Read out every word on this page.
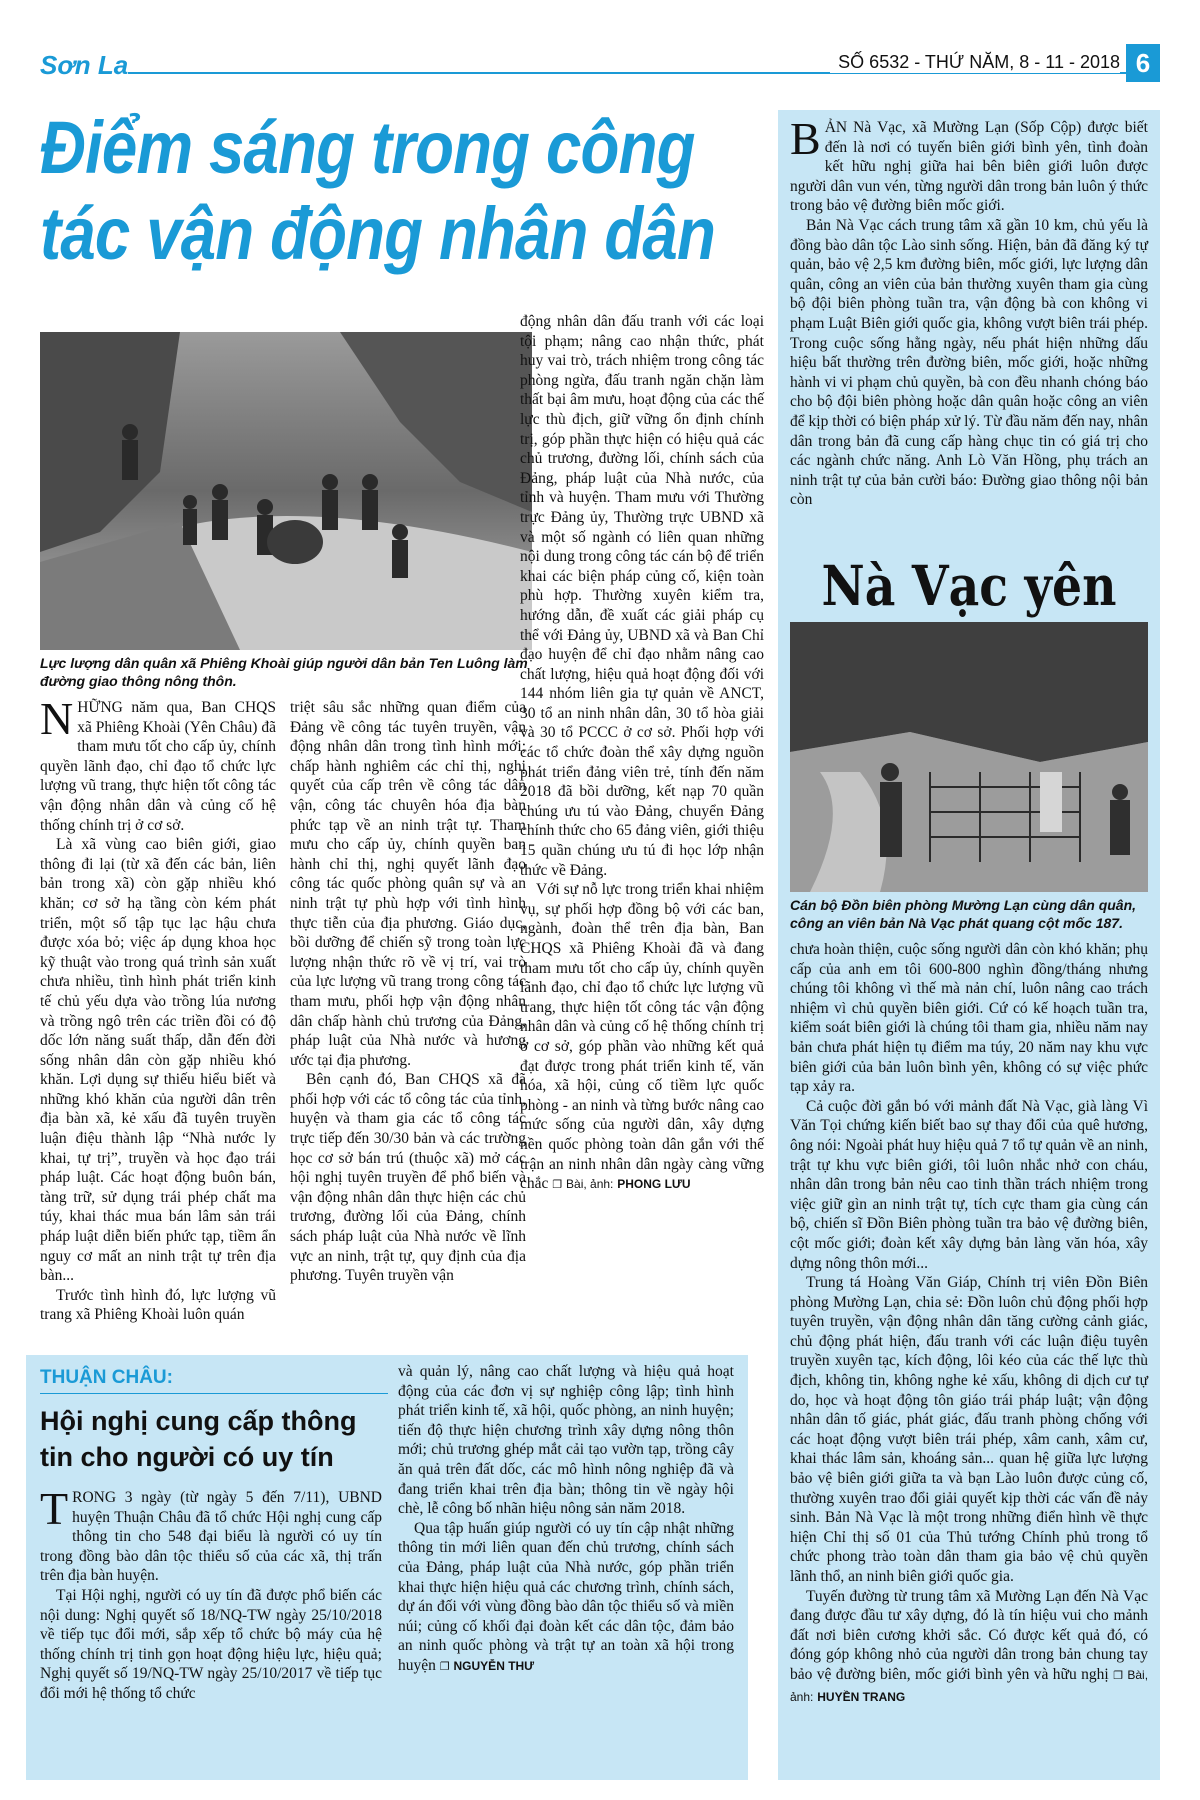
Sơn La	SỐ 6532 - THỨ NĂM, 8 - 11 - 2018 6
Điểm sáng trong công tác vận động nhân dân
Lực lượng dân quân xã Phiêng Khoài giúp người dân bản Ten Luông làm đường giao thông nông thôn.

NHỮNG năm qua, Ban CHQS xã Phiêng Khoài (Yên Châu) đã tham mưu tốt cho cấp ủy, chính quyền lãnh đạo, chỉ đạo tổ chức lực lượng vũ trang, thực hiện tốt công tác vận động nhân dân và củng cố hệ thống chính trị ở cơ sở.

Là xã vùng cao biên giới, giao thông đi lại (từ xã đến các bản, liên bản trong xã) còn gặp nhiều khó khăn; cơ sở hạ tầng còn kém phát triển, một số tập tục lạc hậu chưa được xóa bỏ; việc áp dụng khoa học kỹ thuật vào trong quá trình sản xuất chưa nhiều, tình hình phát triển kinh tế chủ yếu dựa vào trồng lúa nương và trồng ngô trên các triền đồi có độ dốc lớn năng suất thấp, dẫn đến đời sống nhân dân còn gặp nhiều khó khăn. Lợi dụng sự thiếu hiểu biết và những khó khăn của người dân trên địa bàn xã, kẻ xấu đã tuyên truyền luận điệu thành lập “Nhà nước ly khai, tự trị”, truyền và học đạo trái pháp luật. Các hoạt động buôn bán, tàng trữ, sử dụng trái phép chất ma túy, khai thác mua bán lâm sản trái pháp luật diễn biến phức tạp, tiềm ẩn nguy cơ mất an ninh trật tự trên địa bàn...

Trước tình hình đó, lực lượng vũ trang xã Phiêng Khoài luôn quán

triệt sâu sắc những quan điểm của Đảng về công tác tuyên truyền, vận động nhân dân trong tình hình mới; chấp hành nghiêm các chỉ thị, nghị quyết của cấp trên về công tác dân vận, công tác chuyên hóa địa bàn phức tạp về an ninh trật tự. Tham mưu cho cấp ủy, chính quyền ban hành chỉ thị, nghị quyết lãnh đạo công tác quốc phòng quân sự và an ninh trật tự phù hợp với tình hình thực tiễn của địa phương. Giáo dục, bồi dưỡng để chiến sỹ trong toàn lực lượng nhận thức rõ về vị trí, vai trò của lực lượng vũ trang trong công tác tham mưu, phối hợp vận động nhân dân chấp hành chủ trương của Đảng, pháp luật của Nhà nước và hương ước tại địa phương.

Bên cạnh đó, Ban CHQS xã đã phối hợp với các tổ công tác của tỉnh, huyện và tham gia các tổ công tác trực tiếp đến 30/30 bản và các trường học cơ sở bán trú (thuộc xã) mở các hội nghị tuyên truyền để phổ biến và vận động nhân dân thực hiện các chủ trương, đường lối của Đảng, chính sách pháp luật của Nhà nước về lĩnh vực an ninh, trật tự, quy định của địa phương. Tuyên truyền vận

động nhân dân đấu tranh với các loại tội phạm; nâng cao nhận thức, phát huy vai trò, trách nhiệm trong công tác phòng ngừa, đấu tranh ngăn chặn làm thất bại âm mưu, hoạt động của các thế lực thù địch, giữ vững ổn định chính trị, góp phần thực hiện có hiệu quả các chủ trương, đường lối, chính sách của Đảng, pháp luật của Nhà nước, của tỉnh và huyện. Tham mưu với Thường trực Đảng ủy, Thường trực UBND xã và một số ngành có liên quan những nội dung trong công tác cán bộ để triển khai các biện pháp củng cố, kiện toàn phù hợp. Thường xuyên kiểm tra, hướng dẫn, đề xuất các giải pháp cụ thể với Đảng ủy, UBND xã và Ban Chỉ đạo huyện để chỉ đạo nhằm nâng cao chất lượng, hiệu quả hoạt động đối với 144 nhóm liên gia tự quản về ANCT, 30 tổ an ninh nhân dân, 30 tổ hòa giải và 30 tổ PCCC ở cơ sở. Phối hợp với các tổ chức đoàn thể xây dựng nguồn phát triển đảng viên trẻ, tính đến năm 2018 đã bồi dưỡng, kết nạp 70 quần chúng ưu tú vào Đảng, chuyển Đảng chính thức cho 65 đảng viên, giới thiệu 15 quần chúng ưu tú đi học lớp nhận thức về Đảng.

Với sự nỗ lực trong triển khai nhiệm vụ, sự phối hợp đồng bộ với các ban, ngành, đoàn thể trên địa bàn, Ban CHQS xã Phiêng Khoài đã và đang tham mưu tốt cho cấp ủy, chính quyền lãnh đạo, chỉ đạo tổ chức lực lượng vũ trang, thực hiện tốt công tác vận động nhân dân và củng cố hệ thống chính trị ở cơ sở, góp phần vào những kết quả đạt được trong phát triển kinh tế, văn hóa, xã hội, củng cố tiềm lực quốc phòng - an ninh và từng bước nâng cao mức sống của người dân, xây dựng nền quốc phòng toàn dân gắn với thế trận an ninh nhân dân ngày càng vững chắc ❐ Bài, ảnh: PHONG LƯU

BẢN Nà Vạc, xã Mường Lạn (Sốp Cộp) được biết đến là nơi có tuyến biên giới bình yên, tình đoàn kết hữu nghị giữa hai bên biên giới luôn được người dân vun vén, từng người dân trong bản luôn ý thức trong bảo vệ đường biên mốc giới.

Bản Nà Vạc cách trung tâm xã gần 10 km, chủ yếu là đồng bào dân tộc Lào sinh sống. Hiện, bản đã đăng ký tự quản, bảo vệ 2,5 km đường biên, mốc giới, lực lượng dân quân, công an viên của bản thường xuyên tham gia cùng bộ đội biên phòng tuần tra, vận động bà con không vi phạm Luật Biên giới quốc gia, không vượt biên trái phép. Trong cuộc sống hằng ngày, nếu phát hiện những dấu hiệu bất thường trên đường biên, mốc giới, hoặc những hành vi vi phạm chủ quyền, bà con đều nhanh chóng báo cho bộ đội biên phòng hoặc dân quân hoặc công an viên để kịp thời có biện pháp xử lý. Từ đầu năm đến nay, nhân dân trong bản đã cung cấp hàng chục tin có giá trị cho các ngành chức năng. Anh Lò Văn Hồng, phụ trách an ninh trật tự của bản cười báo: Đường giao thông nội bản còn

Nà Vạc yên
Cán bộ Đồn biên phòng Mường Lạn cùng dân quân, công an viên bản Nà Vạc phát quang cột mốc 187.

chưa hoàn thiện, cuộc sống người dân còn khó khăn; phụ cấp của anh em tôi 600-800 nghìn đồng/tháng nhưng chúng tôi không vì thế mà nản chí, luôn nâng cao trách nhiệm vì chủ quyền biên giới. Cứ có kế hoạch tuần tra, kiểm soát biên giới là chúng tôi tham gia, nhiều năm nay bản chưa phát hiện tụ điểm ma túy, 20 năm nay khu vực biên giới của bản luôn bình yên, không có sự việc phức tạp xảy ra.

Cả cuộc đời gắn bó với mảnh đất Nà Vạc, già làng Vì Văn Tọi chứng kiến biết bao sự thay đổi của quê hương, ông nói: Ngoài phát huy hiệu quả 7 tổ tự quản về an ninh, trật tự khu vực biên giới, tôi luôn nhắc nhở con cháu, nhân dân trong bản nêu cao tinh thần trách nhiệm trong việc giữ gìn an ninh trật tự, tích cực tham gia cùng cán bộ, chiến sĩ Đồn Biên phòng tuần tra bảo vệ đường biên, cột mốc giới; đoàn kết xây dựng bản làng văn hóa, xây dựng nông thôn mới...

Trung tá Hoàng Văn Giáp, Chính trị viên Đồn Biên phòng Mường Lạn, chia sẻ: Đồn luôn chủ động phối hợp tuyên truyền, vận động nhân dân tăng cường cảnh giác, chủ động phát hiện, đấu tranh với các luận điệu tuyên truyền xuyên tạc, kích động, lôi kéo của các thế lực thù địch, không tin, không nghe kẻ xấu, không di dịch cư tự do, học và hoạt động tôn giáo trái pháp luật; vận động nhân dân tố giác, phát giác, đấu tranh phòng chống với các hoạt động vượt biên trái phép, xâm canh, xâm cư, khai thác lâm sản, khoáng sản... quan hệ giữa lực lượng bảo vệ biên giới giữa ta và bạn Lào luôn được củng cố, thường xuyên trao đổi giải quyết kịp thời các vấn đề nảy sinh. Bản Nà Vạc là một trong những điển hình về thực hiện Chỉ thị số 01 của Thủ tướng Chính phủ trong tổ chức phong trào toàn dân tham gia bảo vệ chủ quyền lãnh thổ, an ninh biên giới quốc gia.

Tuyến đường từ trung tâm xã Mường Lạn đến Nà Vạc đang được đầu tư xây dựng, đó là tín hiệu vui cho mảnh đất nơi biên cương khởi sắc. Có được kết quả đó, có đóng góp không nhỏ của người dân trong bản chung tay bảo vệ đường biên, mốc giới bình yên và hữu nghị ❐ Bài, ảnh: HUYỀN TRANG

THUẬN CHÂU:
Hội nghị cung cấp thông tin cho người có uy tín

TRONG 3 ngày (từ ngày 5 đến 7/11), UBND huyện Thuận Châu đã tổ chức Hội nghị cung cấp thông tin cho 548 đại biểu là người có uy tín trong đồng bào dân tộc thiểu số của các xã, thị trấn trên địa bàn huyện.

Tại Hội nghị, người có uy tín đã được phổ biến các nội dung: Nghị quyết số 18/NQ-TW ngày 25/10/2018 về tiếp tục đổi mới, sắp xếp tổ chức bộ máy của hệ thống chính trị tinh gọn hoạt động hiệu lực, hiệu quả; Nghị quyết số 19/NQ-TW ngày 25/10/2017 về tiếp tục đổi mới hệ thống tổ chức

và quản lý, nâng cao chất lượng và hiệu quả hoạt động của các đơn vị sự nghiệp công lập; tình hình phát triển kinh tế, xã hội, quốc phòng, an ninh huyện; tiến độ thực hiện chương trình xây dựng nông thôn mới; chủ trương ghép mắt cải tạo vườn tạp, trồng cây ăn quả trên đất dốc, các mô hình nông nghiệp đã và đang triển khai trên địa bàn; thông tin về ngày hội chè, lễ công bố nhãn hiệu nông sản năm 2018.

Qua tập huấn giúp người có uy tín cập nhật những thông tin mới liên quan đến chủ trương, chính sách của Đảng, pháp luật của Nhà nước, góp phần triển khai thực hiện hiệu quả các chương trình, chính sách, dự án đối với vùng đồng bào dân tộc thiểu số và miền núi; củng cố khối đại đoàn kết các dân tộc, đảm bảo an ninh quốc phòng và trật tự an toàn xã hội trong huyện ❐ NGUYỄN THƯ
